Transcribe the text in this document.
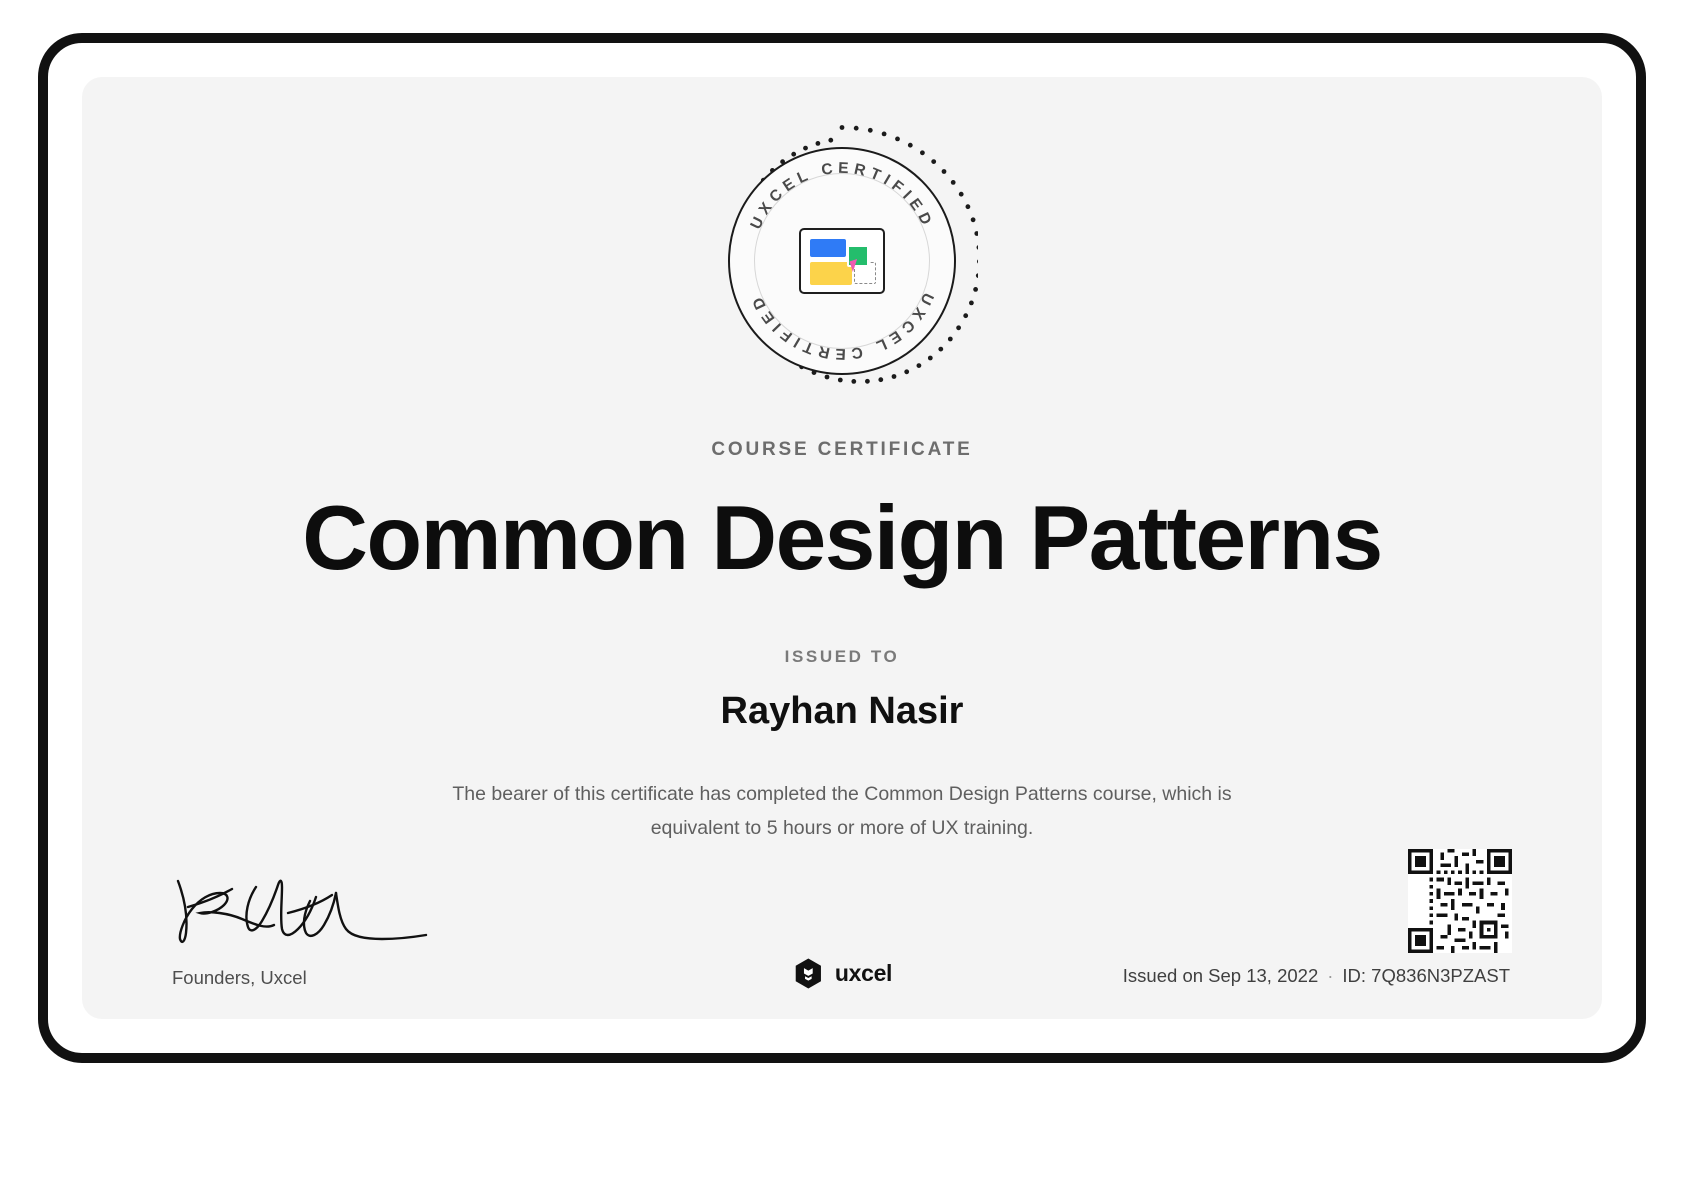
UXCEL CERTIFIED
UXCEL CERTIFIED
COURSE CERTIFICATE
Common Design Patterns
ISSUED TO
Rayhan Nasir
The bearer of this certificate has completed the Common Design Patterns course, which is equivalent to 5 hours or more of UX training.
Founders, Uxcel	uxcel	Issued on Sep 13, 2022 · ID: 7Q836N3PZAST
